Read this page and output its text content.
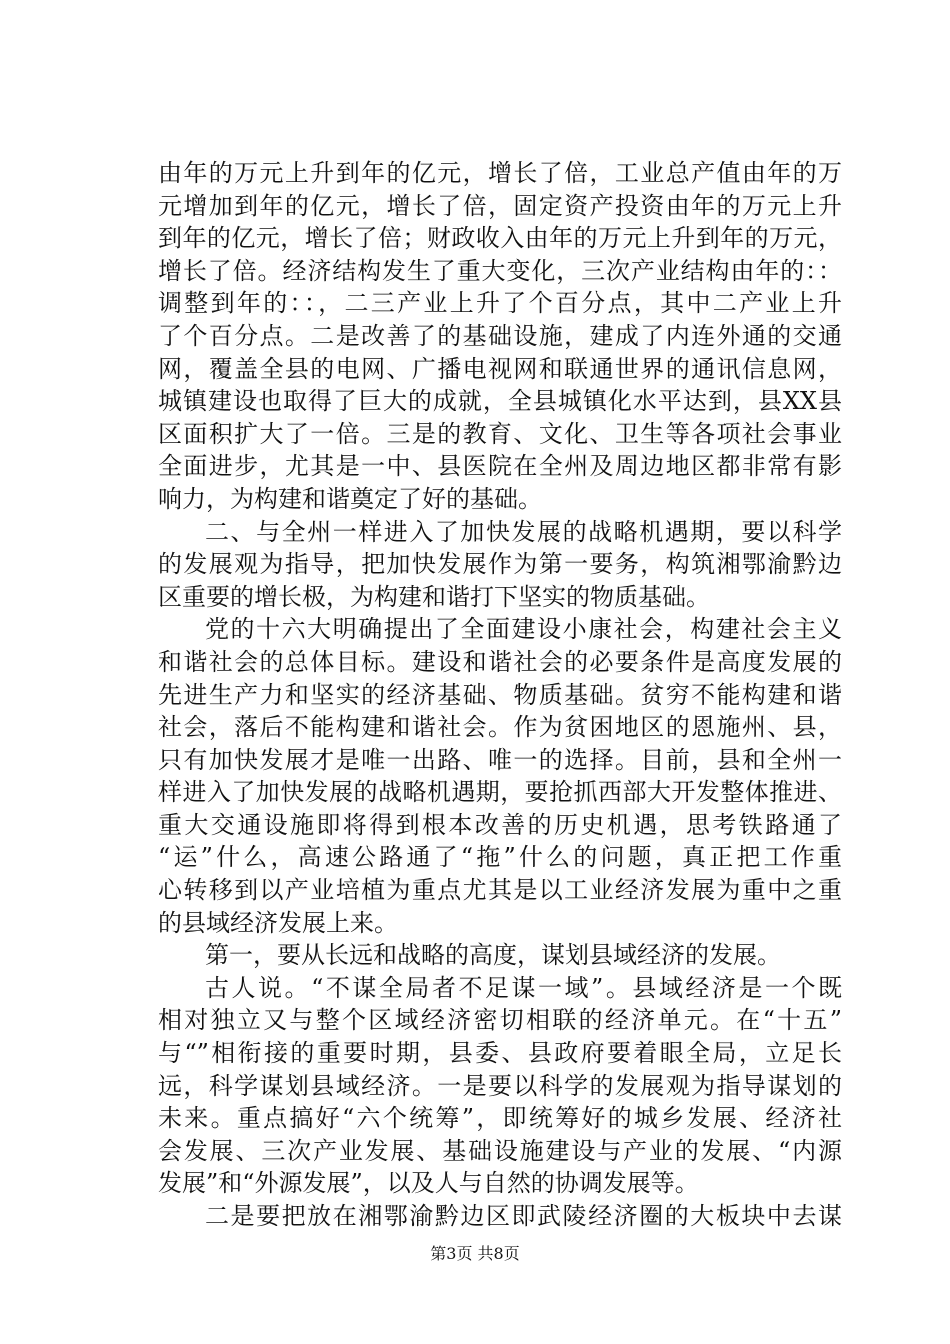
由年的万元上升到年的亿元，增长了倍，工业总产值由年的万
元增加到年的亿元，增长了倍，固定资产投资由年的万元上升
到年的亿元，增长了倍；财政收入由年的万元上升到年的万元，
增长了倍。经济结构发生了重大变化，三次产业结构由年的：：
调整到年的：：，二三产业上升了个百分点，其中二产业上升
了个百分点。二是改善了的基础设施，建成了内连外通的交通
网，覆盖全县的电网、广播电视网和联通世界的通讯信息网，
城镇建设也取得了巨大的成就，全县城镇化水平达到，县XX县
区面积扩大了一倍。三是的教育、文化、卫生等各项社会事业
全面进步，尤其是一中、县医院在全州及周边地区都非常有影
响力，为构建和谐奠定了好的基础。
二、与全州一样进入了加快发展的战略机遇期，要以科学
的发展观为指导，把加快发展作为第一要务，构筑湘鄂渝黔边
区重要的增长极，为构建和谐打下坚实的物质基础。
党的十六大明确提出了全面建设小康社会，构建社会主义
和谐社会的总体目标。建设和谐社会的必要条件是高度发展的
先进生产力和坚实的经济基础、物质基础。贫穷不能构建和谐
社会，落后不能构建和谐社会。作为贫困地区的恩施州、县，
只有加快发展才是唯一出路、唯一的选择。目前，县和全州一
样进入了加快发展的战略机遇期，要抢抓西部大开发整体推进、
重大交通设施即将得到根本改善的历史机遇，思考铁路通了
“运”什么，高速公路通了“拖”什么的问题，真正把工作重
心转移到以产业培植为重点尤其是以工业经济发展为重中之重
的县域经济发展上来。
第一，要从长远和战略的高度，谋划县域经济的发展。
古人说。“不谋全局者不足谋一域”。县域经济是一个既
相对独立又与整个区域经济密切相联的经济单元。在“十五”
与“”相衔接的重要时期，县委、县政府要着眼全局，立足长
远，科学谋划县域经济。一是要以科学的发展观为指导谋划的
未来。重点搞好“六个统筹”，即统筹好的城乡发展、经济社
会发展、三次产业发展、基础设施建设与产业的发展、“内源
发展”和“外源发展”，以及人与自然的协调发展等。
二是要把放在湘鄂渝黔边区即武陵经济圈的大板块中去谋
第3页 共8页
